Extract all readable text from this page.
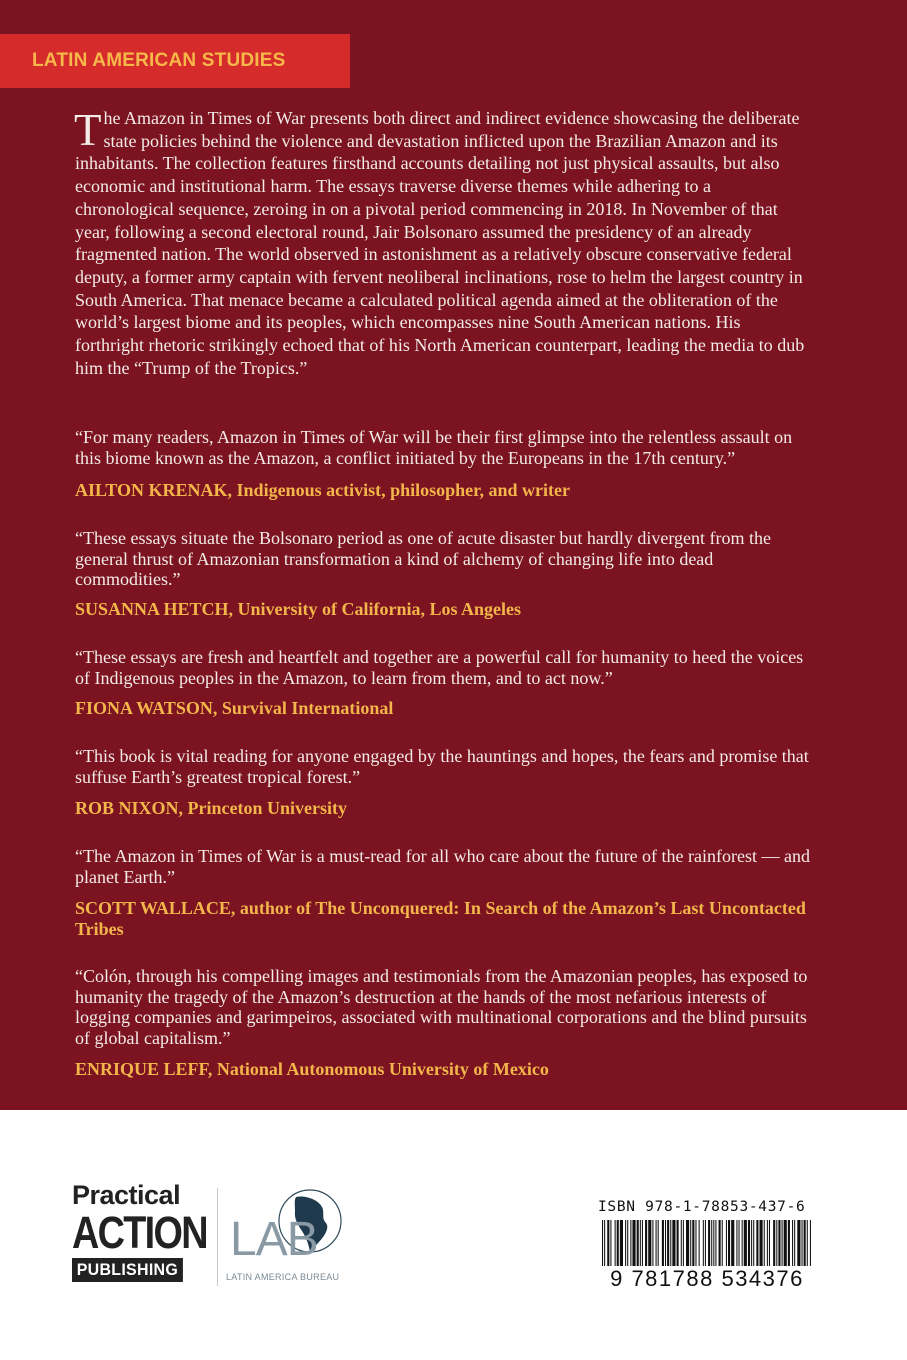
LATIN AMERICAN STUDIES

The Amazon in Times of War presents both direct and indirect evidence showcasing the deliberate state policies behind the violence and devastation inflicted upon the Brazilian Amazon and its inhabitants. The collection features firsthand accounts detailing not just physical assaults, but also economic and institutional harm. The essays traverse diverse themes while adhering to a chronological sequence, zeroing in on a pivotal period commencing in 2018. In November of that year, following a second electoral round, Jair Bolsonaro assumed the presidency of an already fragmented nation. The world observed in astonishment as a relatively obscure conservative federal deputy, a former army captain with fervent neoliberal inclinations, rose to helm the largest country in South America. That menace became a calculated political agenda aimed at the obliteration of the world’s largest biome and its peoples, which encompasses nine South American nations. His forthright rhetoric strikingly echoed that of his North American counterpart, leading the media to dub him the “Trump of the Tropics.”

“For many readers, Amazon in Times of War will be their first glimpse into the relentless assault on this biome known as the Amazon, a conflict initiated by the Europeans in the 17th century.”

AILTON KRENAK, Indigenous activist, philosopher, and writer

“These essays situate the Bolsonaro period as one of acute disaster but hardly divergent from the general thrust of Amazonian transformation a kind of alchemy of changing life into dead commodities.”

SUSANNA HETCH, University of California, Los Angeles

“These essays are fresh and heartfelt and together are a powerful call for humanity to heed the voices of Indigenous peoples in the Amazon, to learn from them, and to act now.”

FIONA WATSON, Survival International

“This book is vital reading for anyone engaged by the hauntings and hopes, the fears and promise that suffuse Earth’s greatest tropical forest.”

ROB NIXON, Princeton University

“The Amazon in Times of War is a must-read for all who care about the future of the rainforest — and planet Earth.”

SCOTT WALLACE, author of The Unconquered: In Search of the Amazon’s Last Uncontacted Tribes

“Colón, through his compelling images and testimonials from the Amazonian peoples, has exposed to humanity the tragedy of the Amazon’s destruction at the hands of the most nefarious interests of logging companies and garimpeiros, associated with multinational corporations and the blind pursuits of global capitalism.”

ENRIQUE LEFF, National Autonomous University of Mexico

Practical
ACTION
PUBLISHING
LAB
LATIN AMERICA BUREAU
ISBN 978-1-78853-437-6
9 781788 534376
